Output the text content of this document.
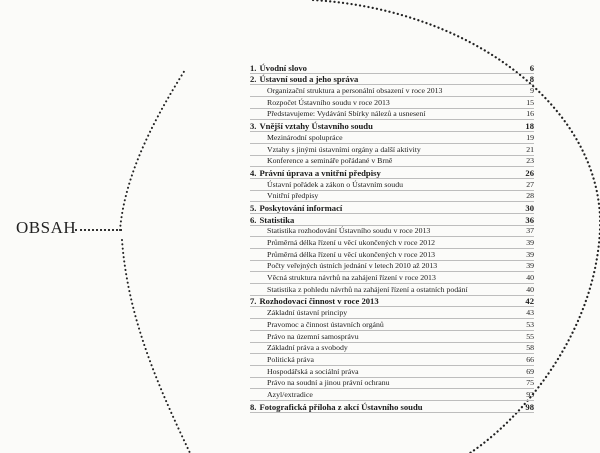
OBSAH
1. Úvodní slovo	6
2. Ústavní soud a jeho správa	8
Organizační struktura a personální obsazení v roce 2013	9
Rozpočet Ústavního soudu v roce 2013	15
Představujeme: Vydávání Sbírky nálezů a usnesení	16
3. Vnější vztahy Ústavního soudu	18
Mezinárodní spolupráce	19
Vztahy s jinými ústavními orgány a další aktivity	21
Konference a semináře pořádané v Brně	23
4. Právní úprava a vnitřní předpisy	26
Ústavní pořádek a zákon o Ústavním soudu	27
Vnitřní předpisy	28
5. Poskytování informací	30
6. Statistika	36
Statistika rozhodování Ústavního soudu v roce 2013	37
Průměrná délka řízení u věcí ukončených v roce 2012	39
Průměrná délka řízení u věcí ukončených v roce 2013	39
Počty veřejných ústních jednání v letech 2010 až 2013	39
Věcná struktura návrhů na zahájení řízení v roce 2013	40
Statistika z pohledu návrhů na zahájení řízení a ostatních podání	40
7. Rozhodovací činnost v roce 2013	42
Základní ústavní principy	43
Pravomoc a činnost ústavních orgánů	53
Právo na územní samosprávu	55
Základní práva a svobody	58
Politická práva	66
Hospodářská a sociální práva	69
Právo na soudní a jinou právní ochranu	75
Azyl/extradice	93
8. Fotografická příloha z akcí Ústavního soudu	98
